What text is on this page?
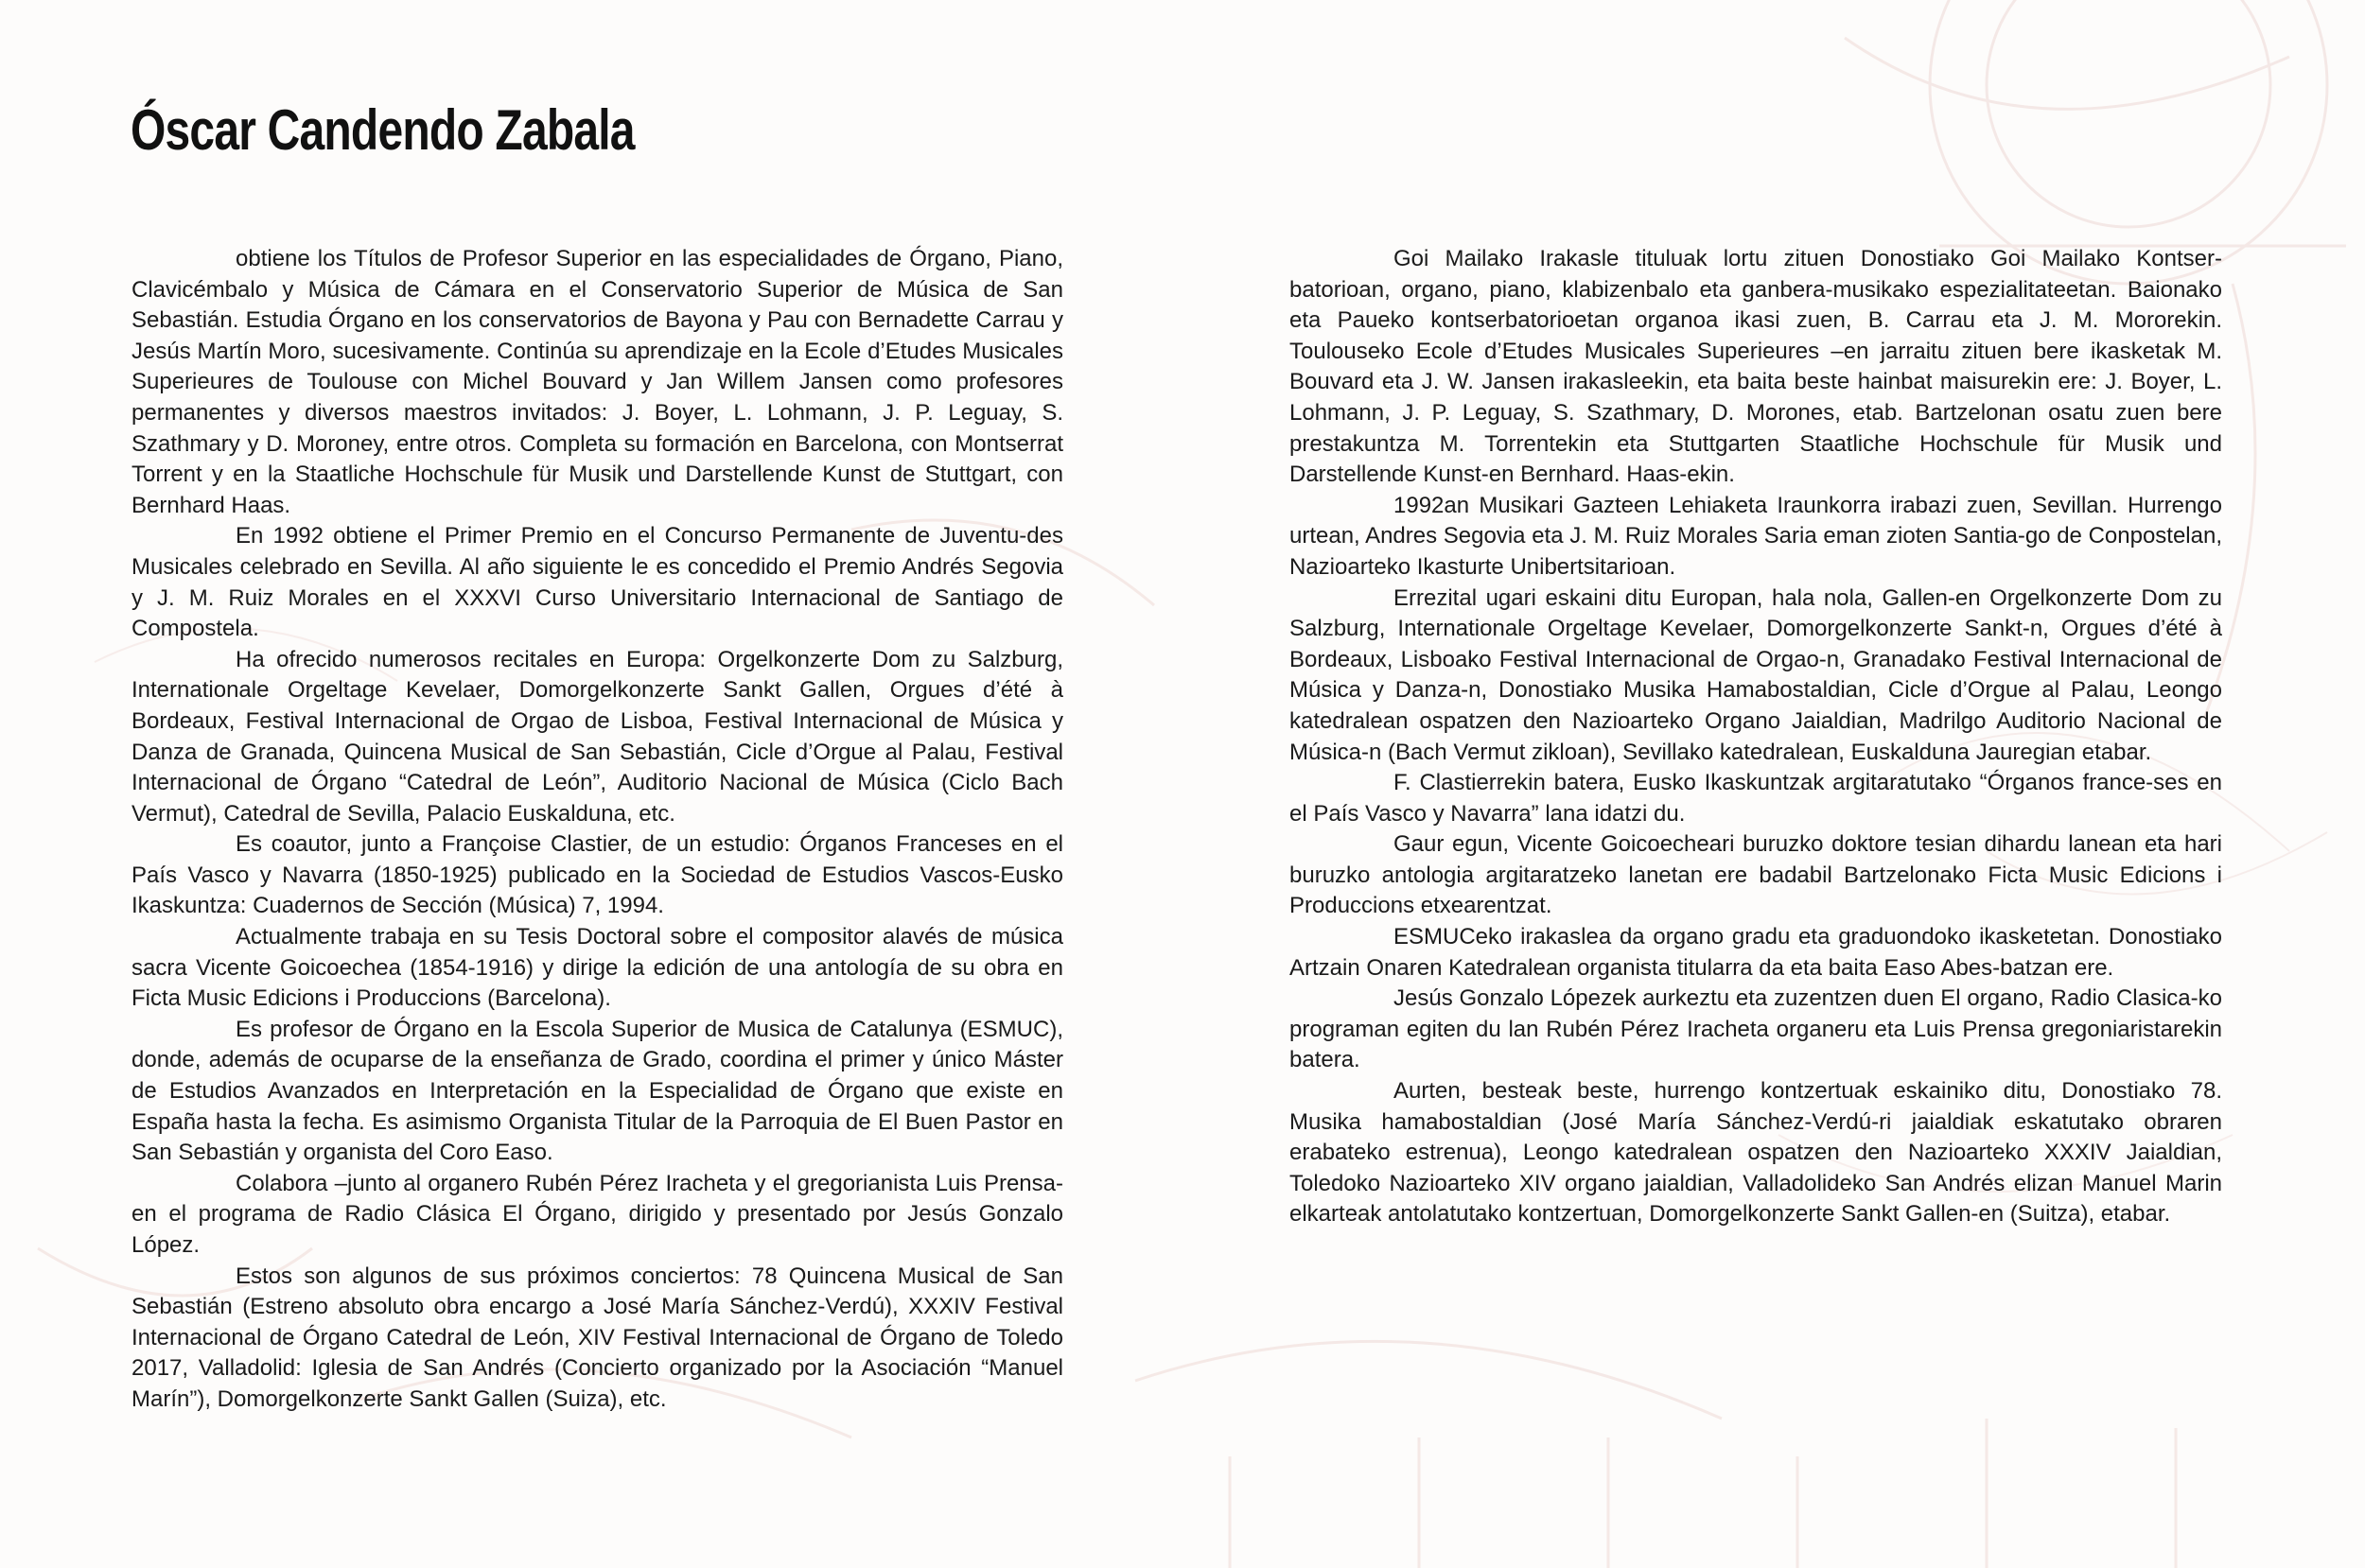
Óscar Candendo Zabala

obtiene los Títulos de Profesor Superior en las especialidades de Órgano, Piano, Clavicémbalo y Música de Cámara en el Conservatorio Superior de Música de San Sebastián. Estudia Órgano en los conservatorios de Bayona y Pau con Bernadette Carrau y Jesús Martín Moro, sucesivamente. Continúa su aprendizaje en la Ecole d’Etudes Musicales Superieures de Toulouse con Michel Bouvard y Jan Willem Jansen como profesores permanentes y diversos maestros invitados: J. Boyer, L. Lohmann, J. P. Leguay, S. Szathmary y D. Moroney, entre otros. Completa su formación en Barcelona, con Montserrat Torrent y en la Staatliche Hochschule für Musik und Darstellende Kunst de Stuttgart, con Bernhard Haas.

En 1992 obtiene el Primer Premio en el Concurso Permanente de Juventu-des Musicales celebrado en Sevilla. Al año siguiente le es concedido el Premio Andrés Segovia y J. M. Ruiz Morales en el XXXVI Curso Universitario Internacional de Santiago de Compostela.

Ha ofrecido numerosos recitales en Europa: Orgelkonzerte Dom zu Salzburg, Internationale Orgeltage Kevelaer, Domorgelkonzerte Sankt Gallen, Orgues d’été à Bordeaux, Festival Internacional de Orgao de Lisboa, Festival Internacional de Música y Danza de Granada, Quincena Musical de San Sebastián, Cicle d’Orgue al Palau, Festival Internacional de Órgano “Catedral de León”, Auditorio Nacional de Música (Ciclo Bach Vermut), Catedral de Sevilla, Palacio Euskalduna, etc.

Es coautor, junto a Françoise Clastier, de un estudio: Órganos Franceses en el País Vasco y Navarra (1850-1925) publicado en la Sociedad de Estudios Vascos-Eusko Ikaskuntza: Cuadernos de Sección (Música) 7, 1994.

Actualmente trabaja en su Tesis Doctoral sobre el compositor alavés de música sacra Vicente Goicoechea (1854-1916) y dirige la edición de una antología de su obra en Ficta Music Edicions i Produccions (Barcelona).

Es profesor de Órgano en la Escola Superior de Musica de Catalunya (ESMUC), donde, además de ocuparse de la enseñanza de Grado, coordina el primer y único Máster de Estudios Avanzados en Interpretación en la Especialidad de Órgano que existe en España hasta la fecha. Es asimismo Organista Titular de la Parroquia de El Buen Pastor en San Sebastián y organista del Coro Easo.

Colabora –junto al organero Rubén Pérez Iracheta y el gregorianista Luis Prensa- en el programa de Radio Clásica El Órgano, dirigido y presentado por Jesús Gonzalo López.

Estos son algunos de sus próximos conciertos: 78 Quincena Musical de San Sebastián (Estreno absoluto obra encargo a José María Sánchez-Verdú), XXXIV Festival Internacional de Órgano Catedral de León, XIV Festival Internacional de Órgano de Toledo 2017, Valladolid: Iglesia de San Andrés (Concierto organizado por la Asociación “Manuel Marín”), Domorgelkonzerte Sankt Gallen (Suiza), etc.

Goi Mailako Irakasle tituluak lortu zituen Donostiako Goi Mailako Kontser-batorioan, organo, piano, klabizenbalo eta ganbera-musikako espezialitateetan. Baionako eta Paueko kontserbatorioetan organoa ikasi zuen, B. Carrau eta J. M. Mororekin. Toulouseko Ecole d’Etudes Musicales Superieures –en jarraitu zituen bere ikasketak M. Bouvard eta J. W. Jansen irakasleekin, eta baita beste hainbat maisurekin ere: J. Boyer, L. Lohmann, J. P. Leguay, S. Szathmary, D. Morones, etab. Bartzelonan osatu zuen bere prestakuntza M. Torrentekin eta Stuttgarten Staatliche Hochschule für Musik und Darstellende Kunst-en Bernhard. Haas-ekin.

1992an Musikari Gazteen Lehiaketa Iraunkorra irabazi zuen, Sevillan. Hurrengo urtean, Andres Segovia eta J. M. Ruiz Morales Saria eman zioten Santia-go de Conpostelan, Nazioarteko Ikasturte Unibertsitarioan.

Errezital ugari eskaini ditu Europan, hala nola, Gallen-en Orgelkonzerte Dom zu Salzburg, Internationale Orgeltage Kevelaer, Domorgelkonzerte Sankt-n, Orgues d’été à Bordeaux, Lisboako Festival Internacional de Orgao-n, Granadako Festival Internacional de Música y Danza-n, Donostiako Musika Hamabostaldian, Cicle d’Orgue al Palau, Leongo katedralean ospatzen den Nazioarteko Organo Jaialdian, Madrilgo Auditorio Nacional de Música-n (Bach Vermut zikloan), Sevillako katedralean, Euskalduna Jauregian etabar.

F. Clastierrekin batera, Eusko Ikaskuntzak argitaratutako “Órganos france-ses en el País Vasco y Navarra” lana idatzi du.

Gaur egun, Vicente Goicoecheari buruzko doktore tesian dihardu lanean eta hari buruzko antologia argitaratzeko lanetan ere badabil Bartzelonako Ficta Music Edicions i Produccions etxearentzat.

ESMUCeko irakaslea da organo gradu eta graduondoko ikasketetan. Donostiako Artzain Onaren Katedralean organista titularra da eta baita Easo Abes-batzan ere.

Jesús Gonzalo Lópezek aurkeztu eta zuzentzen duen El organo, Radio Clasica-ko programan egiten du lan Rubén Pérez Iracheta organeru eta Luis Prensa gregoniaristarekin batera.

Aurten, besteak beste, hurrengo kontzertuak eskainiko ditu, Donostiako 78. Musika hamabostaldian (José María Sánchez-Verdú-ri jaialdiak eskatutako obraren erabateko estrenua), Leongo katedralean ospatzen den Nazioarteko XXXIV Jaialdian, Toledoko Nazioarteko XIV organo jaialdian, Valladolideko San Andrés elizan Manuel Marin elkarteak antolatutako kontzertuan, Domorgelkonzerte Sankt Gallen-en (Suitza), etabar.
